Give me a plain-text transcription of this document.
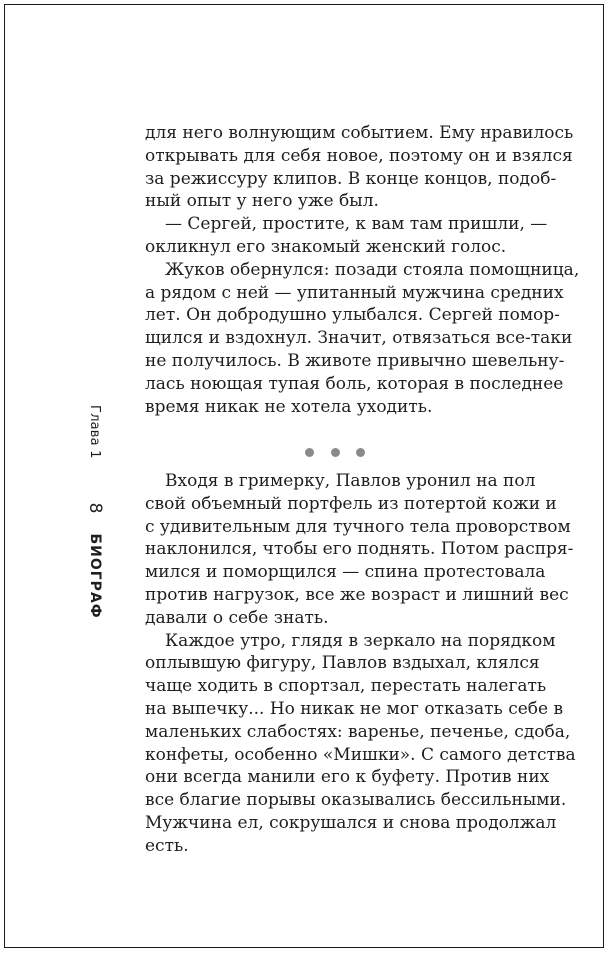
Глава 1
8
БИОГРАФ
для него волнующим событием. Ему нравилось
открывать для себя новое, поэтому он и взялся
за режиссуру клипов. В конце концов, подоб-
ный опыт у него уже был.
— Сергей, простите, к вам там пришли, —
окликнул его знакомый женский голос.
Жуков обернулся: позади стояла помощница,
а рядом с ней — упитанный мужчина средних
лет. Он добродушно улыбался. Сергей помор-
щился и вздохнул. Значит, отвязаться все-таки
не получилось. В животе привычно шевельну-
лась ноющая тупая боль, которая в последнее
время никак не хотела уходить.
Входя в гримерку, Павлов уронил на пол
свой объемный портфель из потертой кожи и
с удивительным для тучного тела проворством
наклонился, чтобы его поднять. Потом распря-
мился и поморщился — спина протестовала
против нагрузок, все же возраст и лишний вес
давали о себе знать.
Каждое утро, глядя в зеркало на порядком
оплывшую фигуру, Павлов вздыхал, клялся
чаще ходить в спортзал, перестать налегать
на выпечку... Но никак не мог отказать себе в
маленьких слабостях: варенье, печенье, сдоба,
конфеты, особенно «Мишки». С самого детства
они всегда манили его к буфету. Против них
все благие порывы оказывались бессильными.
Мужчина ел, сокрушался и снова продолжал
есть.
